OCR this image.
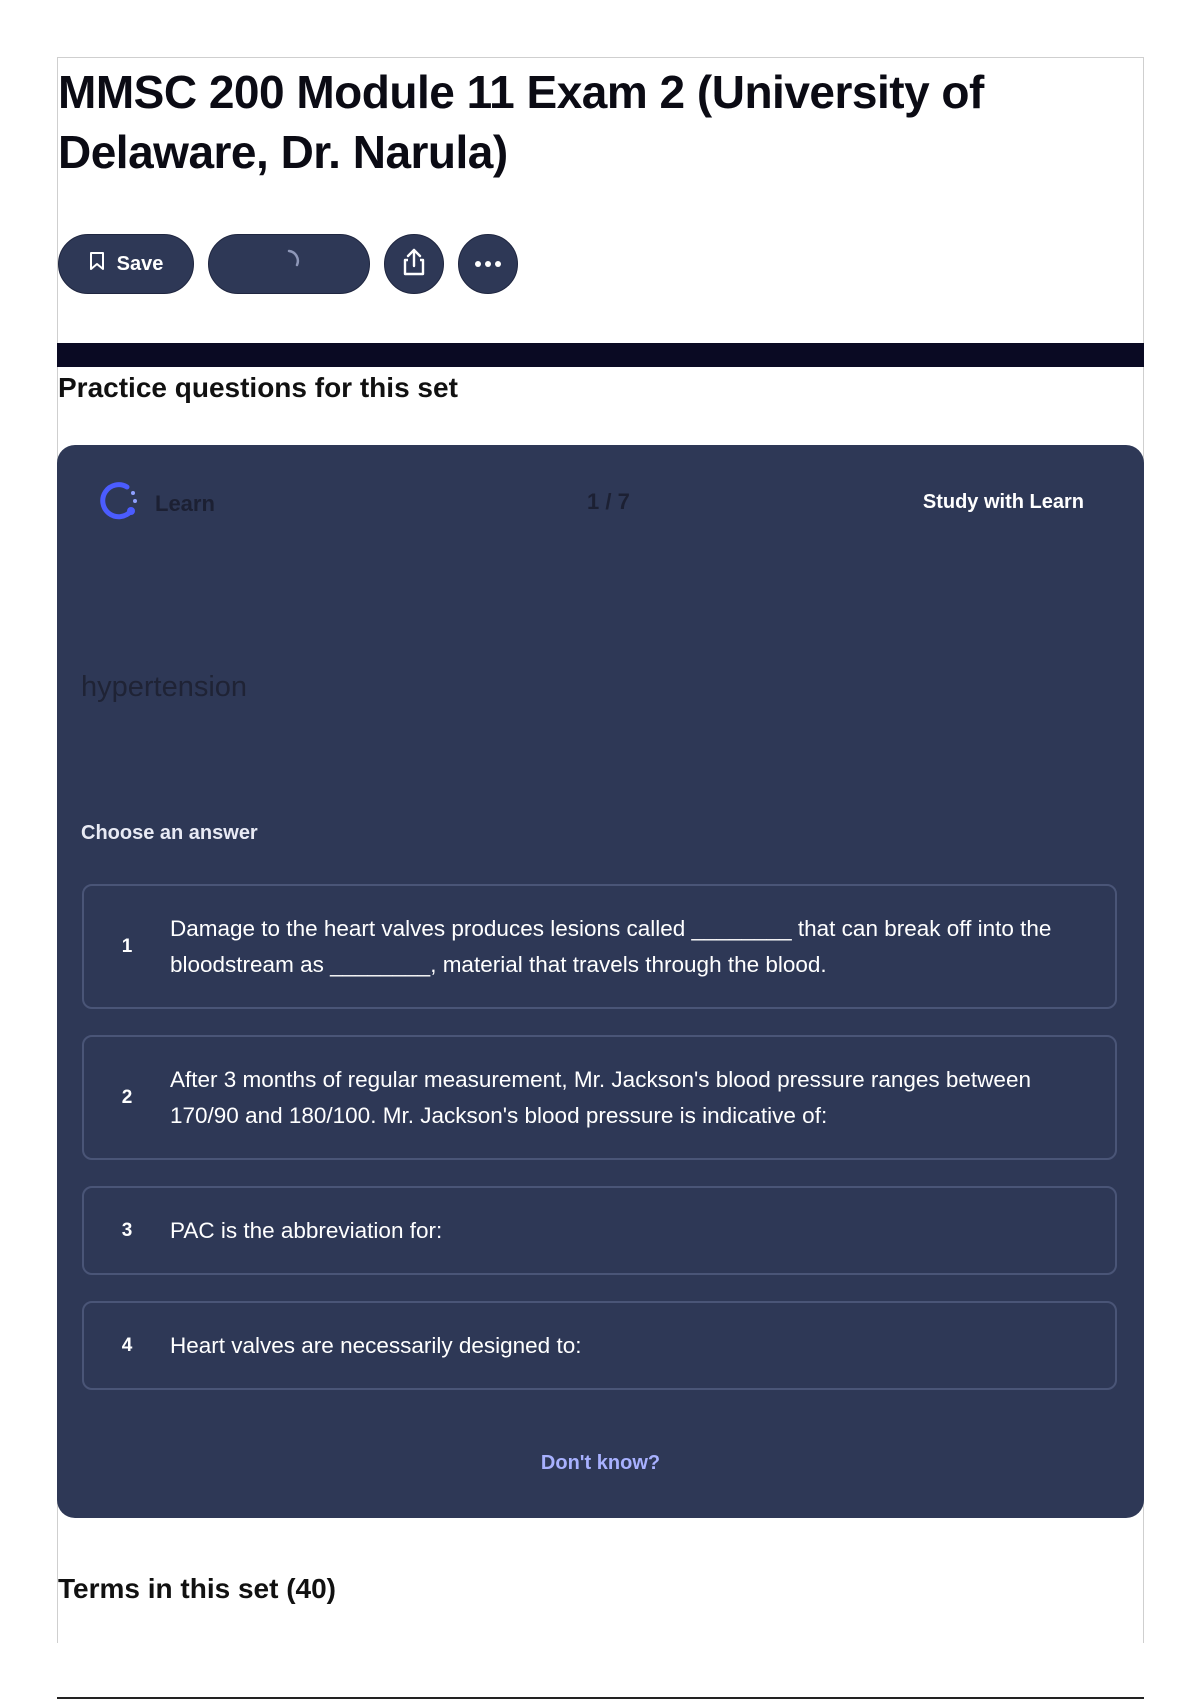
MMSC 200 Module 11 Exam 2 (University of Delaware, Dr. Narula)
Save
Practice questions for this set
Learn	1 / 7	Study with Learn
hypertension
Choose an answer
1
Damage to the heart valves produces lesions called ________ that can break off into the bloodstream as ________, material that travels through the blood.
2
After 3 months of regular measurement, Mr. Jackson's blood pressure ranges between 170/90 and 180/100. Mr. Jackson's blood pressure is indicative of:
3	PAC is the abbreviation for:
4	Heart valves are necessarily designed to:
Don't know?
Terms in this set (40)
